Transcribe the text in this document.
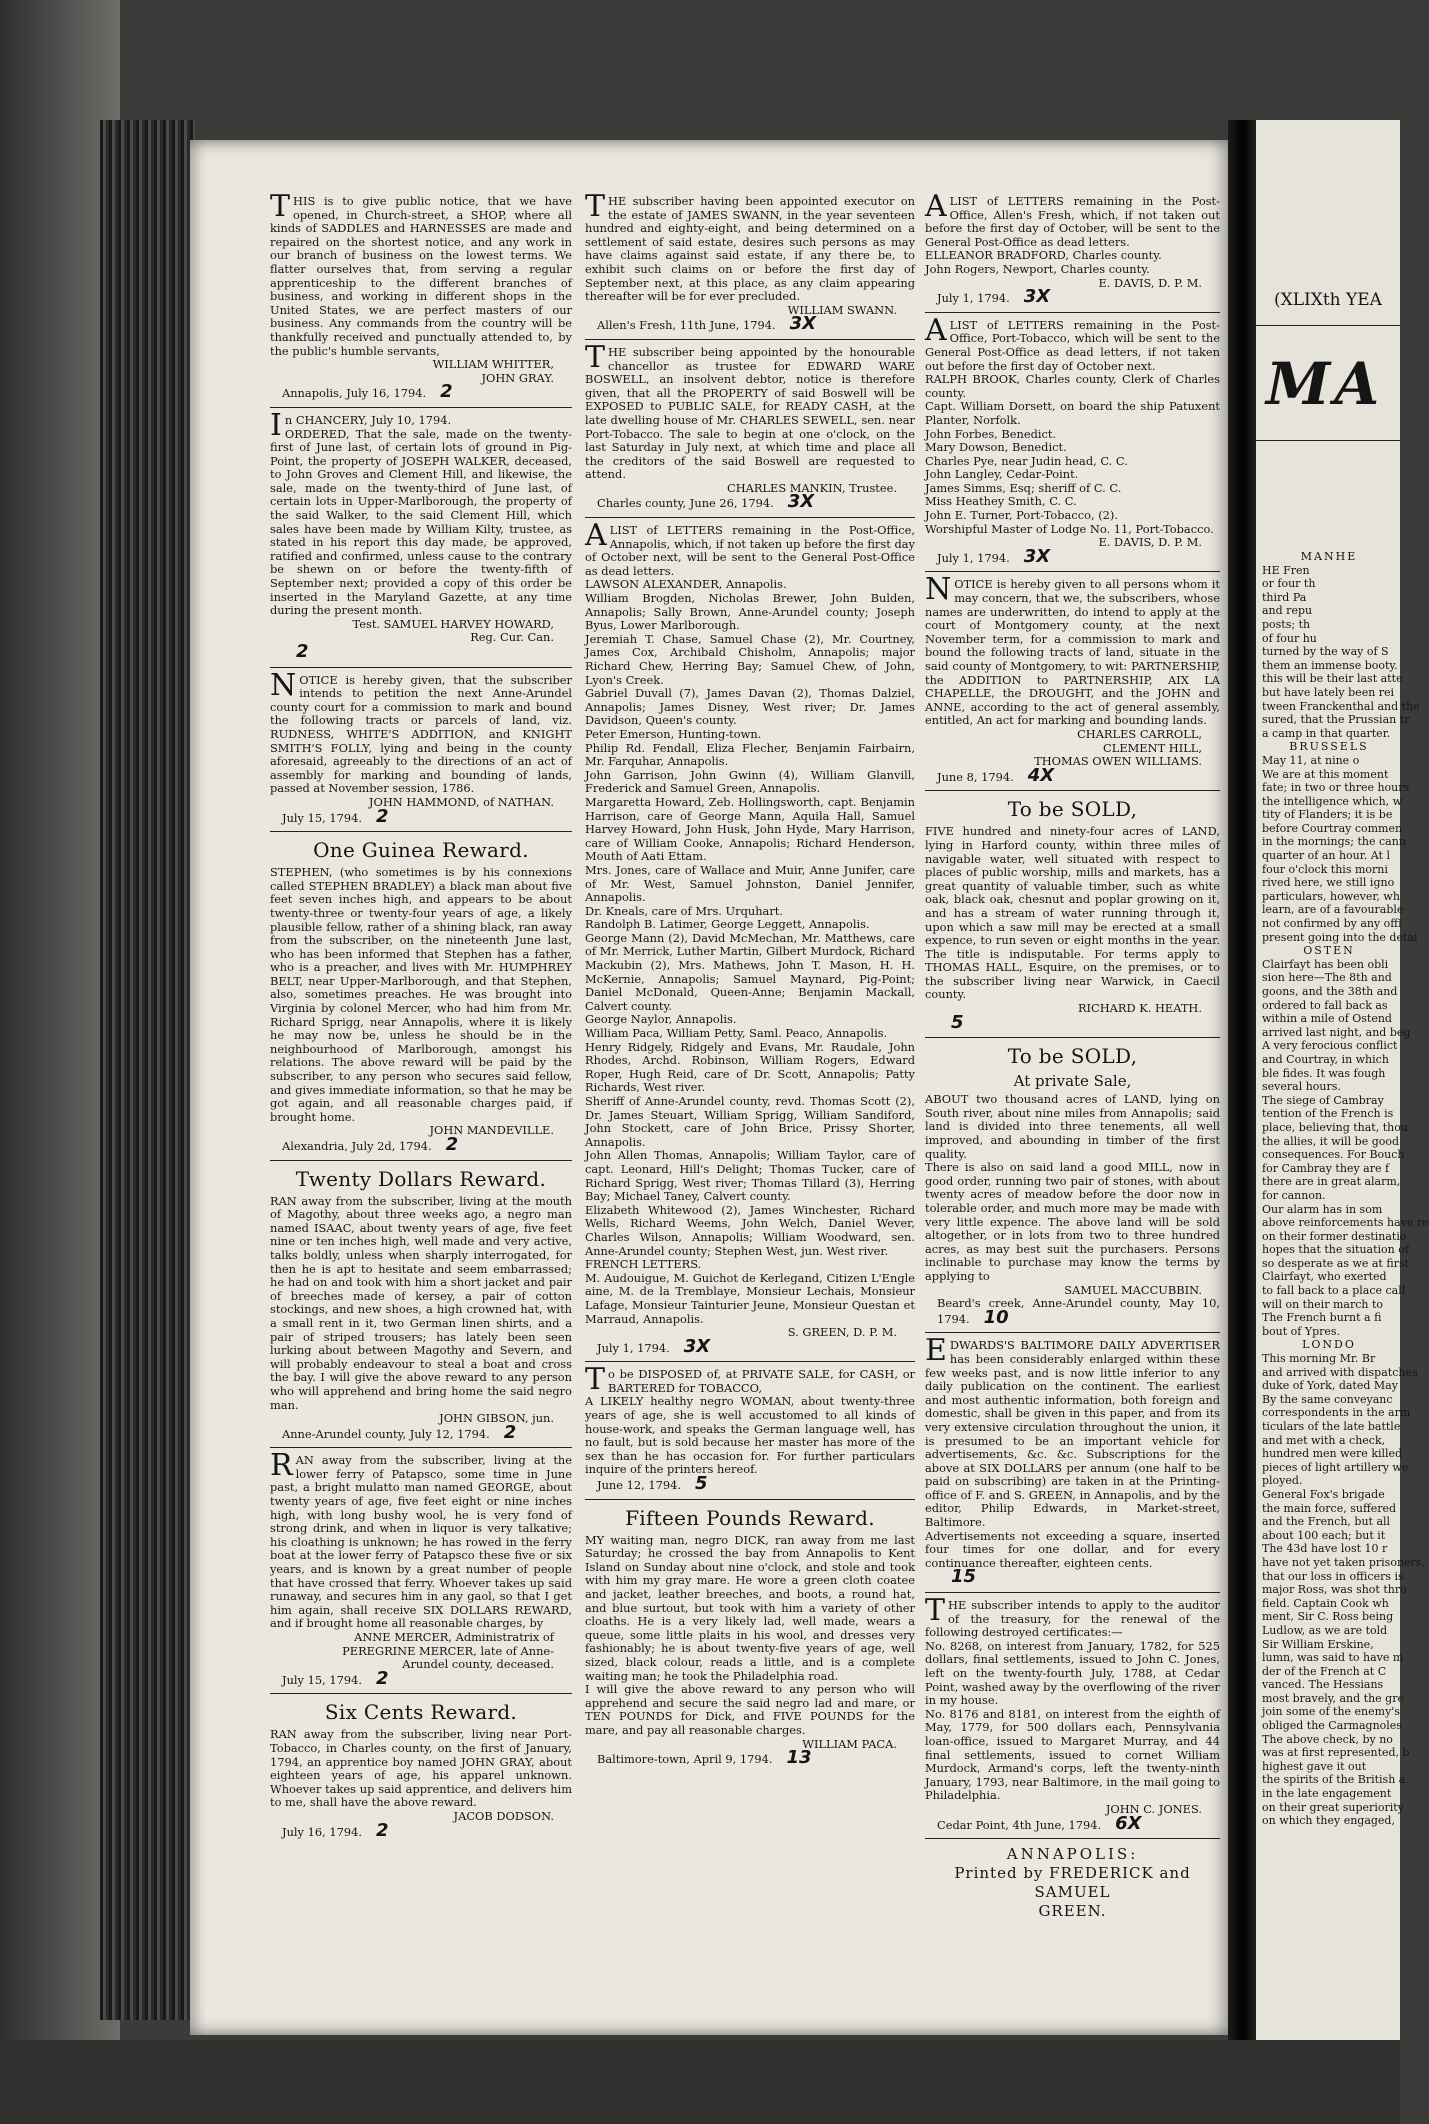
(XLIXth YEA
MA

MANHE

HE Fren

or four th

third Pa

and repu

posts; th

of four hu

turned by the way of S

them an immense booty.

this will be their last atte

but have lately been rei

tween Franckenthal and the

sured, that the Prussian tr

a camp in that quarter.

BRUSSELS

May 11, at nine o

We are at this moment

fate; in two or three hours

the intelligence which, w

tity of Flanders; it is be

before Courtray commen

in the mornings; the cann

quarter of an hour. At l

four o'clock this morni

rived here, we still igno

particulars, however, wh

learn, are of a favourable

not confirmed by any offi

present going into the detai

OSTEN

Clairfayt has been obli

sion here—The 8th and

goons, and the 38th and

ordered to fall back as

within a mile of Ostend

arrived last night, and beg

A very ferocious conflict

and Courtray, in which

ble fides. It was fough

several hours.

The siege of Cambray

tention of the French is

place, believing that, thou

the allies, it will be good

consequences. For Bouch

for Cambray they are f

there are in great alarm,

for cannon.

Our alarm has in som

above reinforcements have re

on their former destinatio

hopes that the situation of

so desperate as we at first

Clairfayt, who exerted

to fall back to a place call

will on their march to

The French burnt a fi

bout of Ypres.

LONDO

This morning Mr. Br

and arrived with dispatches

duke of York, dated May

By the same conveyanc

correspondents in the arm

ticulars of the late battle

and met with a check,

hundred men were killed

pieces of light artillery we

ployed.

General Fox's brigade

the main force, suffered

and the French, but all

about 100 each; but it

The 43d have lost 10 r

have not yet taken prisoners,

that our loss in officers is

major Ross, was shot thro

field. Captain Cook wh

ment, Sir C. Ross being

Ludlow, as we are told

Sir William Erskine,

lumn, was said to have m

der of the French at C

vanced. The Hessians

most bravely, and the gre

join some of the enemy's

obliged the Carmagnoles

The above check, by no

was at first represented, b

highest gave it out

the spirits of the British a

in the late engagement

on their great superiority

on which they engaged,

THIS is to give public notice, that we have opened, in Church-street, a SHOP, where all kinds of SADDLES and HARNESSES are made and repaired on the shortest notice, and any work in our branch of business on the lowest terms. We flatter ourselves that, from serving a regular apprenticeship to the different branches of business, and working in different shops in the United States, we are perfect masters of our business. Any commands from the country will be thankfully received and punctually attended to, by the public's humble servants,

WILLIAM WHITTER,
JOHN GRAY.
Annapolis, July 16, 1794. 2

In CHANCERY, July 10, 1794.

ORDERED, That the sale, made on the twenty-first of June last, of certain lots of ground in Pig-Point, the property of JOSEPH WALKER, deceased, to John Groves and Clement Hill, and likewise, the sale, made on the twenty-third of June last, of certain lots in Upper-Marlborough, the property of the said Walker, to the said Clement Hill, which sales have been made by William Kilty, trustee, as stated in his report this day made, be approved, ratified and confirmed, unless cause to the contrary be shewn on or before the twenty-fifth of September next; provided a copy of this order be inserted in the Maryland Gazette, at any time during the present month.

Test. SAMUEL HARVEY HOWARD,
Reg. Cur. Can.
2

NOTICE is hereby given, that the subscriber intends to petition the next Anne-Arundel county court for a commission to mark and bound the following tracts or parcels of land, viz. RUDNESS, WHITE'S ADDITION, and KNIGHT SMITH'S FOLLY, lying and being in the county aforesaid, agreeably to the directions of an act of assembly for marking and bounding of lands, passed at November session, 1786.

JOHN HAMMOND, of NATHAN.
July 15, 1794. 2
One Guinea Reward.

STEPHEN, (who sometimes is by his connexions called STEPHEN BRADLEY) a black man about five feet seven inches high, and appears to be about twenty-three or twenty-four years of age, a likely plausible fellow, rather of a shining black, ran away from the subscriber, on the nineteenth June last, who has been informed that Stephen has a father, who is a preacher, and lives with Mr. HUMPHREY BELT, near Upper-Marlborough, and that Stephen, also, sometimes preaches. He was brought into Virginia by colonel Mercer, who had him from Mr. Richard Sprigg, near Annapolis, where it is likely he may now be, unless he should be in the neighbourhood of Marlborough, amongst his relations. The above reward will be paid by the subscriber, to any person who secures said fellow, and gives immediate information, so that he may be got again, and all reasonable charges paid, if brought home.

JOHN MANDEVILLE.
Alexandria, July 2d, 1794. 2
Twenty Dollars Reward.

RAN away from the subscriber, living at the mouth of Magothy, about three weeks ago, a negro man named ISAAC, about twenty years of age, five feet nine or ten inches high, well made and very active, talks boldly, unless when sharply interrogated, for then he is apt to hesitate and seem embarrassed; he had on and took with him a short jacket and pair of breeches made of kersey, a pair of cotton stockings, and new shoes, a high crowned hat, with a small rent in it, two German linen shirts, and a pair of striped trousers; has lately been seen lurking about between Magothy and Severn, and will probably endeavour to steal a boat and cross the bay. I will give the above reward to any person who will apprehend and bring home the said negro man.

JOHN GIBSON, jun.
Anne-Arundel county, July 12, 1794. 2

RAN away from the subscriber, living at the lower ferry of Patapsco, some time in June past, a bright mulatto man named GEORGE, about twenty years of age, five feet eight or nine inches high, with long bushy wool, he is very fond of strong drink, and when in liquor is very talkative; his cloathing is unknown; he has rowed in the ferry boat at the lower ferry of Patapsco these five or six years, and is known by a great number of people that have crossed that ferry. Whoever takes up said runaway, and secures him in any gaol, so that I get him again, shall receive SIX DOLLARS REWARD, and if brought home all reasonable charges, by

ANNE MERCER, Administratrix of
PEREGRINE MERCER, late of Anne-
Arundel county, deceased.
July 15, 1794. 2
Six Cents Reward.

RAN away from the subscriber, living near Port-Tobacco, in Charles county, on the first of January, 1794, an apprentice boy named JOHN GRAY, about eighteen years of age, his apparel unknown. Whoever takes up said apprentice, and delivers him to me, shall have the above reward.

JACOB DODSON.
July 16, 1794. 2

THE subscriber having been appointed executor on the estate of JAMES SWANN, in the year seventeen hundred and eighty-eight, and being determined on a settlement of said estate, desires such persons as may have claims against said estate, if any there be, to exhibit such claims on or before the first day of September next, at this place, as any claim appearing thereafter will be for ever precluded.

WILLIAM SWANN.
Allen's Fresh, 11th June, 1794. 3X

THE subscriber being appointed by the honourable chancellor as trustee for EDWARD WARE BOSWELL, an insolvent debtor, notice is therefore given, that all the PROPERTY of said Boswell will be EXPOSED to PUBLIC SALE, for READY CASH, at the late dwelling house of Mr. CHARLES SEWELL, sen. near Port-Tobacco. The sale to begin at one o'clock, on the last Saturday in July next, at which time and place all the creditors of the said Boswell are requested to attend.

CHARLES MANKIN, Trustee.
Charles county, June 26, 1794. 3X

ALIST of LETTERS remaining in the Post-Office, Annapolis, which, if not taken up before the first day of October next, will be sent to the General Post-Office as dead letters.

LAWSON ALEXANDER, Annapolis.

William Brogden, Nicholas Brewer, John Bulden, Annapolis; Sally Brown, Anne-Arundel county; Joseph Byus, Lower Marlborough.

Jeremiah T. Chase, Samuel Chase (2), Mr. Courtney, James Cox, Archibald Chisholm, Annapolis; major Richard Chew, Herring Bay; Samuel Chew, of John, Lyon's Creek.

Gabriel Duvall (7), James Davan (2), Thomas Dalziel, Annapolis; James Disney, West river; Dr. James Davidson, Queen's county.

Peter Emerson, Hunting-town.

Philip Rd. Fendall, Eliza Flecher, Benjamin Fairbairn, Mr. Farquhar, Annapolis.

John Garrison, John Gwinn (4), William Glanvill, Frederick and Samuel Green, Annapolis.

Margaretta Howard, Zeb. Hollingsworth, capt. Benjamin Harrison, care of George Mann, Aquila Hall, Samuel Harvey Howard, John Husk, John Hyde, Mary Harrison, care of William Cooke, Annapolis; Richard Henderson, Mouth of Aati Ettam.

Mrs. Jones, care of Wallace and Muir, Anne Junifer, care of Mr. West, Samuel Johnston, Daniel Jennifer, Annapolis.

Dr. Kneals, care of Mrs. Urquhart.

Randolph B. Latimer, George Leggett, Annapolis.

George Mann (2), David McMechan, Mr. Matthews, care of Mr. Merrick, Luther Martin, Gilbert Murdock, Richard Mackubin (2), Mrs. Mathews, John T. Mason, H. H. McKernie, Annapolis; Samuel Maynard, Pig-Point; Daniel McDonald, Queen-Anne; Benjamin Mackall, Calvert county.

George Naylor, Annapolis.

William Paca, William Petty, Saml. Peaco, Annapolis.

Henry Ridgely, Ridgely and Evans, Mr. Raudale, John Rhodes, Archd. Robinson, William Rogers, Edward Roper, Hugh Reid, care of Dr. Scott, Annapolis; Patty Richards, West river.

Sheriff of Anne-Arundel county, revd. Thomas Scott (2), Dr. James Steuart, William Sprigg, William Sandiford, John Stockett, care of John Brice, Prissy Shorter, Annapolis.

John Allen Thomas, Annapolis; William Taylor, care of capt. Leonard, Hill's Delight; Thomas Tucker, care of Richard Sprigg, West river; Thomas Tillard (3), Herring Bay; Michael Taney, Calvert county.

Elizabeth Whitewood (2), James Winchester, Richard Wells, Richard Weems, John Welch, Daniel Wever, Charles Wilson, Annapolis; William Woodward, sen. Anne-Arundel county; Stephen West, jun. West river.

FRENCH LETTERS.

M. Audouigue, M. Guichot de Kerlegand, Citizen L'Engle aine, M. de la Tremblaye, Monsieur Lechais, Monsieur Lafage, Monsieur Tainturier Jeune, Monsieur Questan et Marraud, Annapolis.

S. GREEN, D. P. M.
July 1, 1794. 3X

To be DISPOSED of, at PRIVATE SALE, for CASH, or BARTERED for TOBACCO,

A LIKELY healthy negro WOMAN, about twenty-three years of age, she is well accustomed to all kinds of house-work, and speaks the German language well, has no fault, but is sold because her master has more of the sex than he has occasion for. For further particulars inquire of the printers hereof.

June 12, 1794. 5
Fifteen Pounds Reward.

MY waiting man, negro DICK, ran away from me last Saturday; he crossed the bay from Annapolis to Kent Island on Sunday about nine o'clock, and stole and took with him my gray mare. He wore a green cloth coatee and jacket, leather breeches, and boots, a round hat, and blue surtout, but took with him a variety of other cloaths. He is a very likely lad, well made, wears a queue, some little plaits in his wool, and dresses very fashionably; he is about twenty-five years of age, well sized, black colour, reads a little, and is a complete waiting man; he took the Philadelphia road.

I will give the above reward to any person who will apprehend and secure the said negro lad and mare, or TEN POUNDS for Dick, and FIVE POUNDS for the mare, and pay all reasonable charges.

WILLIAM PACA.
Baltimore-town, April 9, 1794. 13

ALIST of LETTERS remaining in the Post-Office, Allen's Fresh, which, if not taken out before the first day of October, will be sent to the General Post-Office as dead letters.

ELLEANOR BRADFORD, Charles county.

John Rogers, Newport, Charles county.

E. DAVIS, D. P. M.
July 1, 1794. 3X

ALIST of LETTERS remaining in the Post-Office, Port-Tobacco, which will be sent to the General Post-Office as dead letters, if not taken out before the first day of October next.

RALPH BROOK, Charles county, Clerk of Charles county.

Capt. William Dorsett, on board the ship Patuxent Planter, Norfolk.

John Forbes, Benedict.

Mary Dowson, Benedict.

Charles Pye, near Judin head, C. C.

John Langley, Cedar-Point.

James Simms, Esq; sheriff of C. C.

Miss Heathey Smith, C. C.

John E. Turner, Port-Tobacco, (2).

Worshipful Master of Lodge No. 11, Port-Tobacco.

E. DAVIS, D. P. M.
July 1, 1794. 3X

NOTICE is hereby given to all persons whom it may concern, that we, the subscribers, whose names are underwritten, do intend to apply at the court of Montgomery county, at the next November term, for a commission to mark and bound the following tracts of land, situate in the said county of Montgomery, to wit: PARTNERSHIP, the ADDITION to PARTNERSHIP, AIX LA CHAPELLE, the DROUGHT, and the JOHN and ANNE, according to the act of general assembly, entitled, An act for marking and bounding lands.

CHARLES CARROLL,
CLEMENT HILL,
THOMAS OWEN WILLIAMS.
June 8, 1794. 4X
To be SOLD,

FIVE hundred and ninety-four acres of LAND, lying in Harford county, within three miles of navigable water, well situated with respect to places of public worship, mills and markets, has a great quantity of valuable timber, such as white oak, black oak, chesnut and poplar growing on it, and has a stream of water running through it, upon which a saw mill may be erected at a small expence, to run seven or eight months in the year. The title is indisputable. For terms apply to THOMAS HALL, Esquire, on the premises, or to the subscriber living near Warwick, in Caecil county.

RICHARD K. HEATH.
5
To be SOLD,
At private Sale,

ABOUT two thousand acres of LAND, lying on South river, about nine miles from Annapolis; said land is divided into three tenements, all well improved, and abounding in timber of the first quality.

There is also on said land a good MILL, now in good order, running two pair of stones, with about twenty acres of meadow before the door now in tolerable order, and much more may be made with very little expence. The above land will be sold altogether, or in lots from two to three hundred acres, as may best suit the purchasers. Persons inclinable to purchase may know the terms by applying to

SAMUEL MACCUBBIN.
Beard's creek, Anne-Arundel county, May 10, 1794. 10

EDWARDS'S BALTIMORE DAILY ADVERTISER has been considerably enlarged within these few weeks past, and is now little inferior to any daily publication on the continent. The earliest and most authentic information, both foreign and domestic, shall be given in this paper, and from its very extensive circulation throughout the union, it is presumed to be an important vehicle for advertisements, &c. &c. Subscriptions for the above at SIX DOLLARS per annum (one half to be paid on subscribing) are taken in at the Printing-office of F. and S. GREEN, in Annapolis, and by the editor, Philip Edwards, in Market-street, Baltimore.

Advertisements not exceeding a square, inserted four times for one dollar, and for every continuance thereafter, eighteen cents.

15

THE subscriber intends to apply to the auditor of the treasury, for the renewal of the following destroyed certificates:—

No. 8268, on interest from January, 1782, for 525 dollars, final settlements, issued to John C. Jones, left on the twenty-fourth July, 1788, at Cedar Point, washed away by the overflowing of the river in my house.

No. 8176 and 8181, on interest from the eighth of May, 1779, for 500 dollars each, Pennsylvania loan-office, issued to Margaret Murray, and 44 final settlements, issued to cornet William Murdock, Armand's corps, left the twenty-ninth January, 1793, near Baltimore, in the mail going to Philadelphia.

JOHN C. JONES.
Cedar Point, 4th June, 1794. 6X
ANNAPOLIS:
Printed by FREDERICK and SAMUEL
GREEN.
